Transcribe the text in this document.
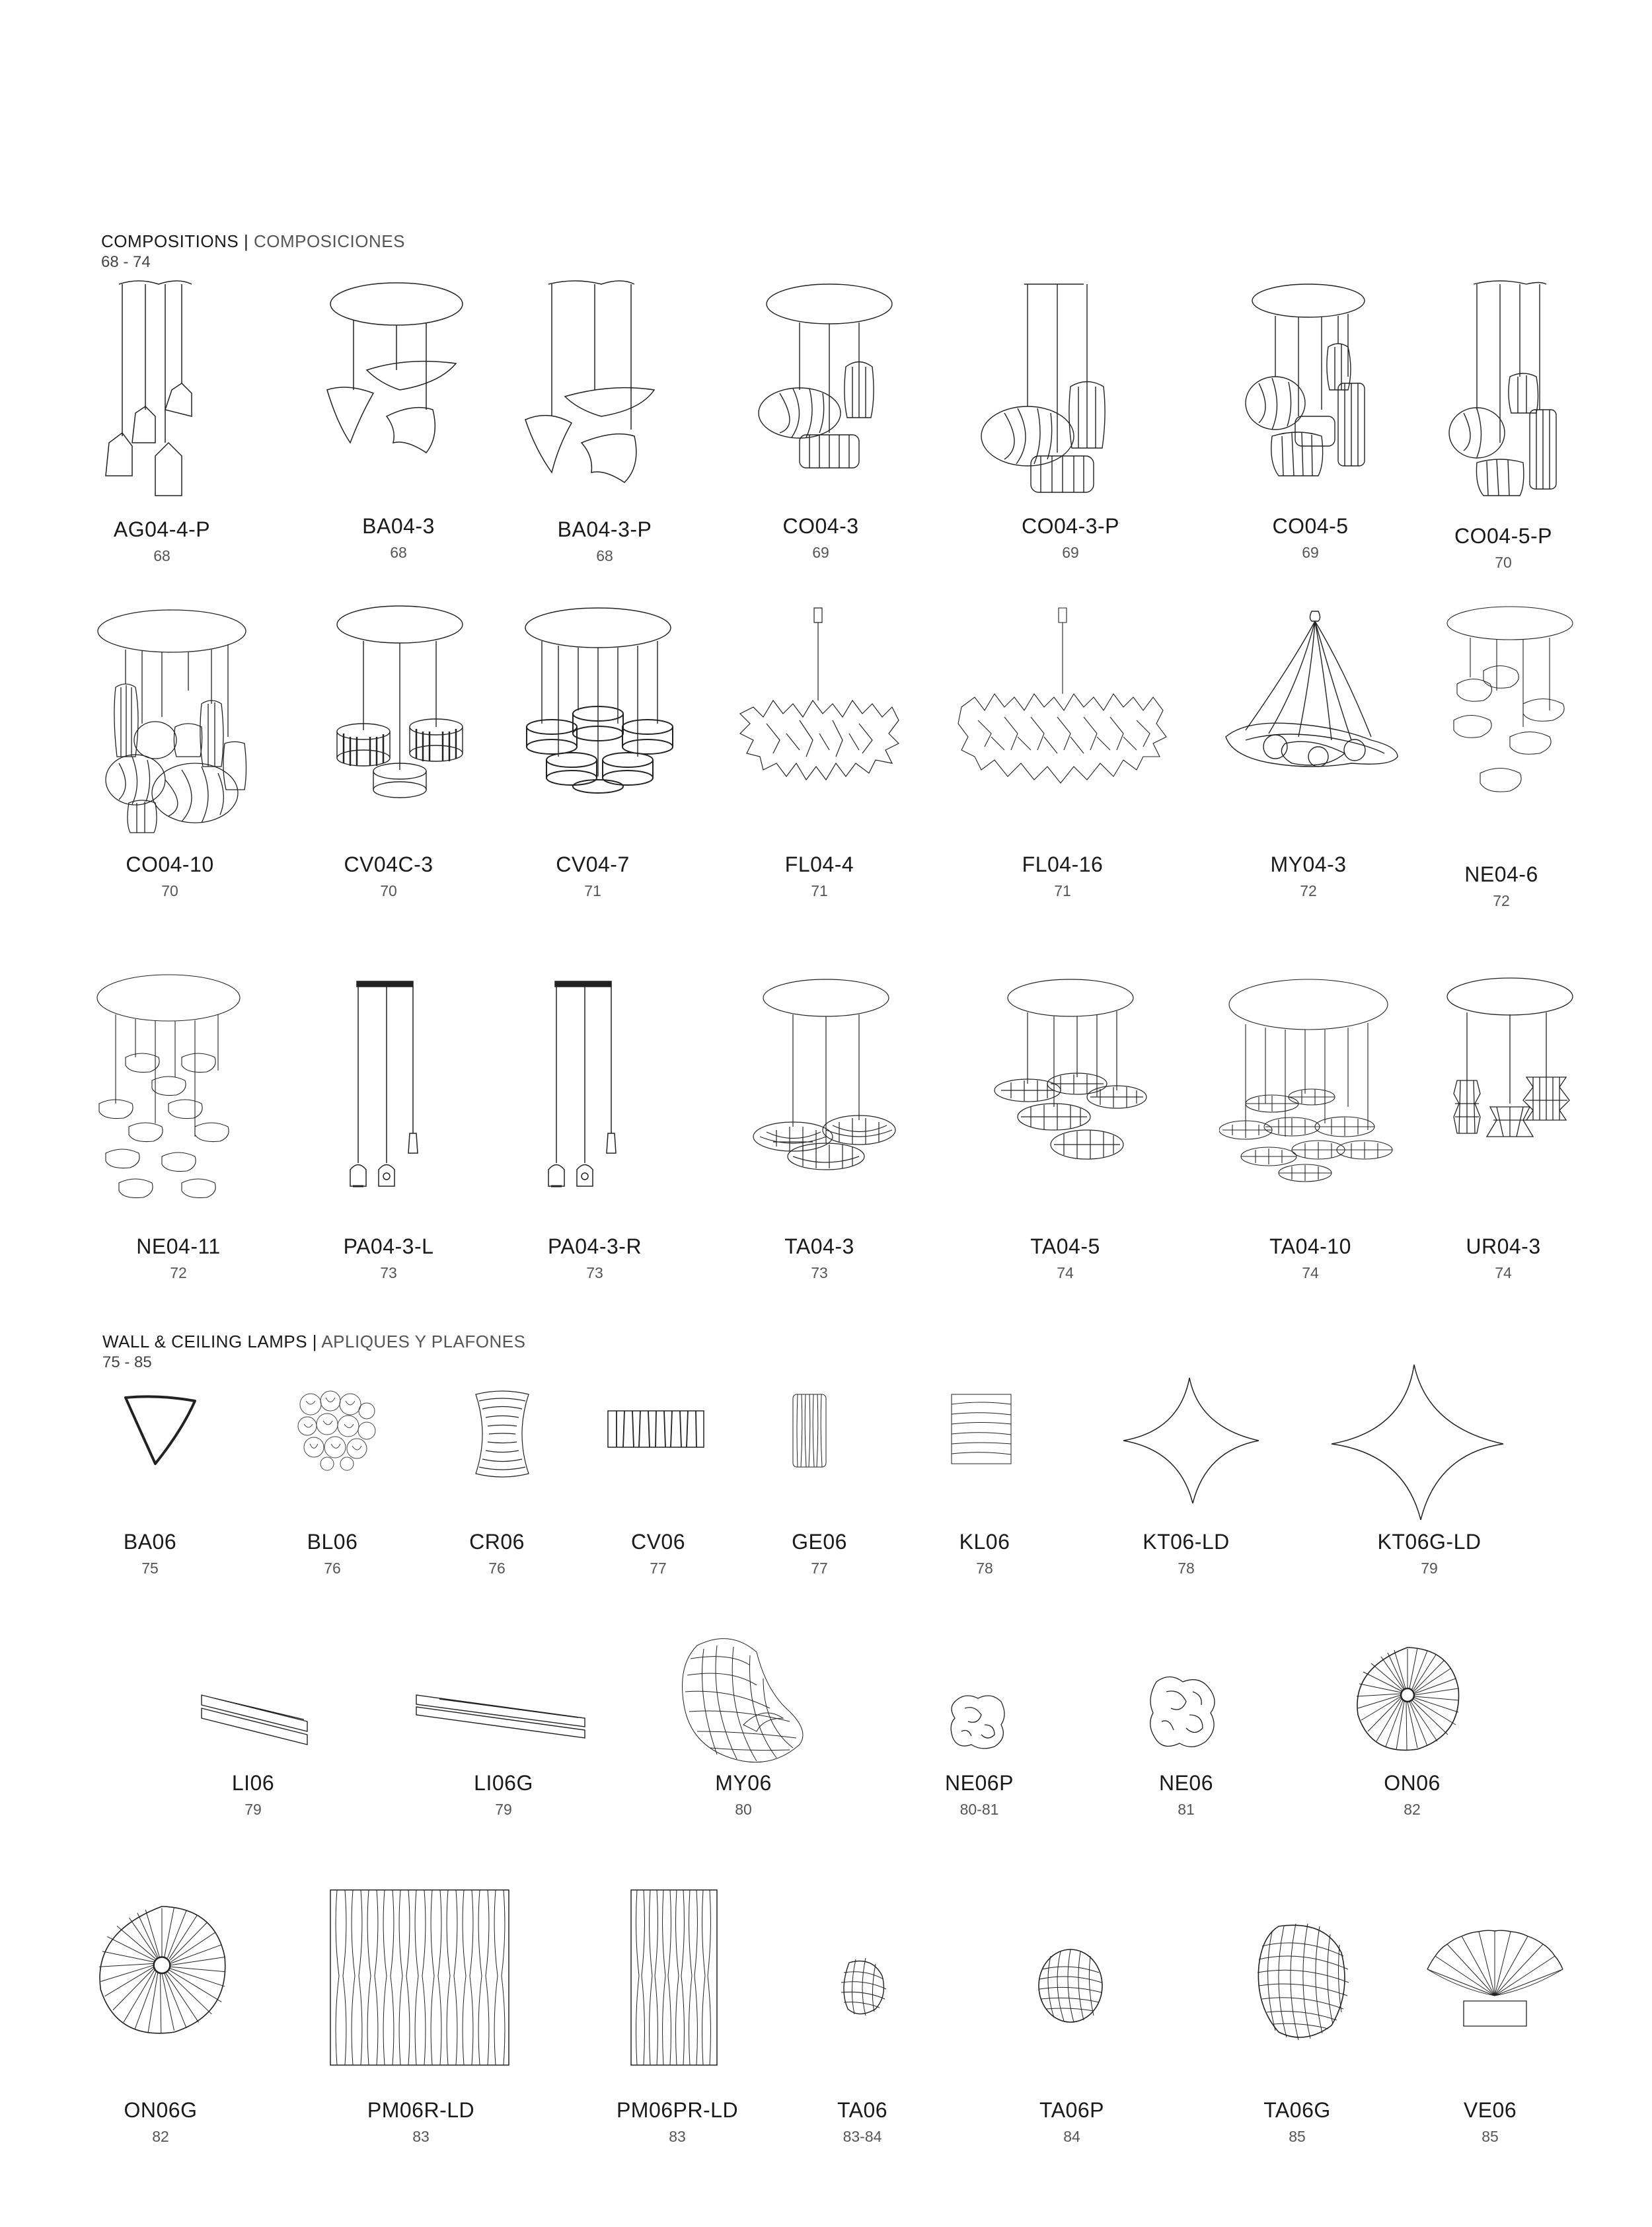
COMPOSITIONS | COMPOSICIONES
68 - 74
WALL & CEILING LAMPS | APLIQUES Y PLAFONES
75 - 85
AG04-4-P
68
BA04-3
68
BA04-3-P
68
CO04-3
69
CO04-3-P
69
CO04-5
69
CO04-5-P
70
CO04-10
70
CV04C-3
70
CV04-7
71
FL04-4
71
FL04-16
71
MY04-3
72
NE04-6
72
NE04-11
72
PA04-3-L
73
PA04-3-R
73
TA04-3
73
TA04-5
74
TA04-10
74
UR04-3
74
BA06
75
BL06
76
CR06
76
CV06
77
GE06
77
KL06
78
KT06-LD
78
KT06G-LD
79
LI06
79
LI06G
79
MY06
80
NE06P
80-81
NE06
81
ON06
82
ON06G
82
PM06R-LD
83
PM06PR-LD
83
TA06
83-84
TA06P
84
TA06G
85
VE06
85
